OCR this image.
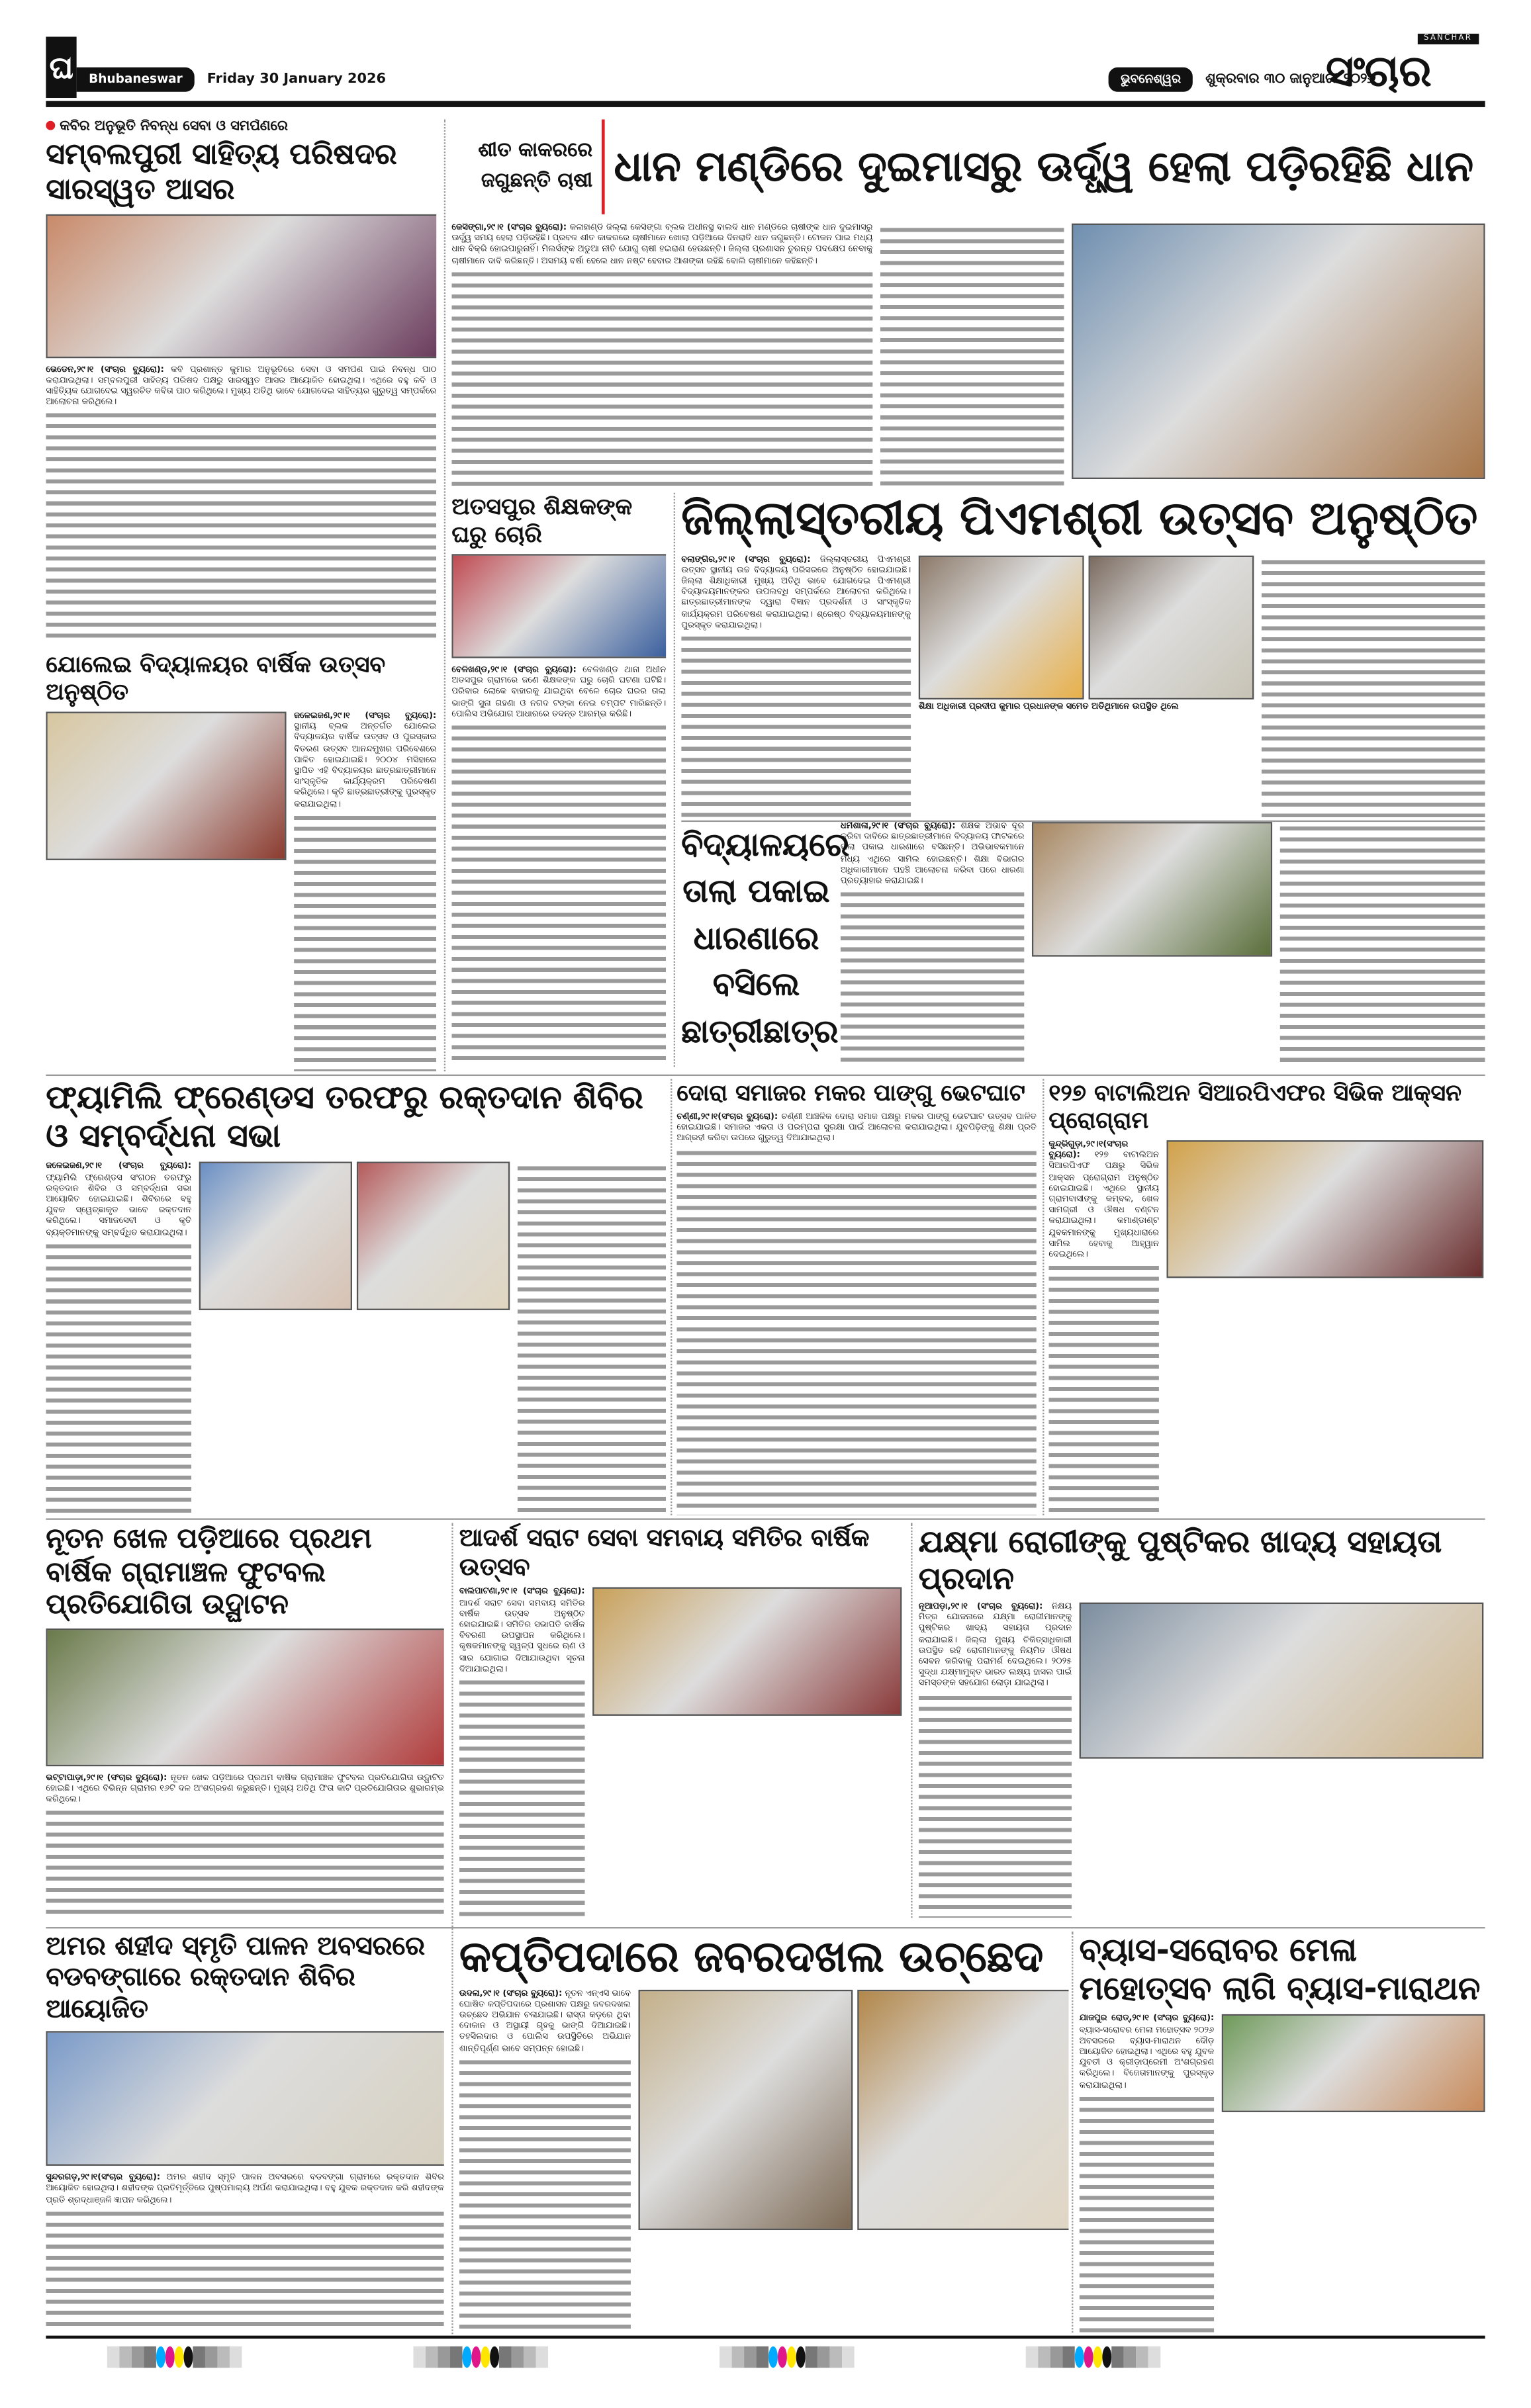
ଘ	Bhubaneswar	Friday 30 January 2026	ଭୁବନେଶ୍ୱର	ଶୁକ୍ରବାର ୩୦ ଜାନୁଆରୀ ୨୦୨୬
SANCHAR
ସଂଚାର
କବିର ଅନୁଭୂତି ନିବନ୍ଧ ସେବା ଓ ସମର୍ପଣରେ
ସମ୍ବଲପୁରୀ ସାହିତ୍ୟ ପରିଷଦର ସାରସ୍ୱତ ଆସର

ଭେଡେନ,୨୯।୧ (ସଂଚାର ବ୍ୟୁରୋ): କବି ପ୍ରଶାନ୍ତ କୁମାର ଅନୁଭୂତିରେ ସେବା ଓ ସମର୍ପଣ ପାଇଁ ନିବନ୍ଧ ପାଠ କରାଯାଇଥିଲା। ସମ୍ବଲପୁରୀ ସାହିତ୍ୟ ପରିଷଦ ପକ୍ଷରୁ ସାରସ୍ୱତ ଆସର ଆୟୋଜିତ ହୋଇଥିଲା। ଏଥିରେ ବହୁ କବି ଓ ସାହିତ୍ୟିକ ଯୋଗଦେଇ ସ୍ୱରଚିତ କବିତା ପାଠ କରିଥିଲେ। ମୁଖ୍ୟ ଅତିଥି ଭାବେ ଯୋଗଦେଇ ସାହିତ୍ୟର ଗୁରୁତ୍ୱ ସମ୍ପର୍କରେ ଆଲୋଚନା କରିଥିଲେ।

ଯୋଲେଇ ବିଦ୍ୟାଳୟର ବାର୍ଷିକ ଉତ୍ସବ ଅନୁଷ୍ଠିତ

ଜଳେଇଜଣ,୨୯।୧ (ସଂଚାର ବ୍ୟୁରୋ): ସ୍ଥାନୀୟ ବ୍ଲକ ଅନ୍ତର୍ଗତ ଯୋଲେଇ ବିଦ୍ୟାଳୟର ବାର୍ଷିକ ଉତ୍ସବ ଓ ପୁରସ୍କାର ବିତରଣ ଉତ୍ସବ ଆନନ୍ଦମୁଖର ପରିବେଶରେ ପାଳିତ ହୋଇଯାଇଛି। ୨୦୦୪ ମସିହାରେ ସ୍ଥାପିତ ଏହି ବିଦ୍ୟାଳୟର ଛାତ୍ରଛାତ୍ରୀମାନେ ସାଂସ୍କୃତିକ କାର୍ଯ୍ୟକ୍ରମ ପରିବେଷଣ କରିଥିଲେ। କୃତି ଛାତ୍ରଛାତ୍ରୀଙ୍କୁ ପୁରସ୍କୃତ କରାଯାଇଥିଲା।

ଶୀତ କାକରରେ ଜଗୁଛନ୍ତି ଚାଷୀ ଧାନ ମଣ୍ଡିରେ ଦୁଇମାସରୁ ଊର୍ଦ୍ଧ୍ୱ ହେଲା ପଡ଼ିରହିଛି ଧାନ

କେସିଙ୍ଗା,୨୯।୧ (ସଂଚାର ବ୍ୟୁରୋ): କଳାହାଣ୍ଡି ଜିଲ୍ଲା କେସିଙ୍ଗା ବ୍ଲକ ଅଧୀନସ୍ଥ ବାଲଦି ଧାନ ମଣ୍ଡିରେ ଚାଷୀଙ୍କ ଧାନ ଦୁଇମାସରୁ ଊର୍ଦ୍ଧ୍ୱ ସମୟ ହେଲା ପଡ଼ିରହିଛି। ପ୍ରବଳ ଶୀତ କାକରରେ ଚାଷୀମାନେ ଖୋଲା ପଡ଼ିଆରେ ଦିନରାତି ଧାନ ଜଗୁଛନ୍ତି। ଟୋକନ ପାଇ ମଧ୍ୟ ଧାନ ବିକ୍ରି ହୋଇପାରୁନାହିଁ। ମିଲର୍ସଙ୍କ ଅଡୁଆ ନୀତି ଯୋଗୁ ଚାଷୀ ହଇରାଣ ହେଉଛନ୍ତି। ଜିଲ୍ଲା ପ୍ରଶାସନ ତୁରନ୍ତ ପଦକ୍ଷେପ ନେବାକୁ ଚାଷୀମାନେ ଦାବି କରିଛନ୍ତି। ଅସମୟ ବର୍ଷା ହେଲେ ଧାନ ନଷ୍ଟ ହେବାର ଆଶଙ୍କା ରହିଛି ବୋଲି ଚାଷୀମାନେ କହିଛନ୍ତି।

ଅତସପୁର ଶିକ୍ଷକଙ୍କ ଘରୁ ଚୋରି

ବେଳିଖଣ୍ଡ,୨୯।୧ (ସଂଚାର ବ୍ୟୁରୋ): ବେଳିଖଣ୍ଡ ଥାନା ଅଧୀନ ଅତସପୁର ଗ୍ରାମରେ ଜଣେ ଶିକ୍ଷକଙ୍କ ଘରୁ ଚୋରି ଘଟଣା ଘଟିଛି। ପରିବାର ଲୋକେ ବାହାରକୁ ଯାଇଥିବା ବେଳେ ଚୋର ଘରର ତାଲା ଭାଙ୍ଗି ସୁନା ଗହଣା ଓ ନଗଦ ଟଙ୍କା ନେଇ ଚମ୍ପଟ ମାରିଛନ୍ତି। ପୋଲିସ ଅଭିଯୋଗ ଆଧାରରେ ତଦନ୍ତ ଆରମ୍ଭ କରିଛି।

ଜିଲ୍ଲାସ୍ତରୀୟ ପିଏମଶ୍ରୀ ଉତ୍ସବ ଅନୁଷ୍ଠିତ

ବଲାଙ୍ଗିର,୨୯।୧ (ସଂଚାର ବ୍ୟୁରୋ):	ଜିଲ୍ଲାସ୍ତରୀୟ ପିଏମଶ୍ରୀ ଉତ୍ସବ ସ୍ଥାନୀୟ ଉଚ୍ଚ ବିଦ୍ୟାଳୟ ପରିସରରେ ଅନୁଷ୍ଠିତ ହୋଇଯାଇଛି। ଜିଲ୍ଲା ଶିକ୍ଷାଧିକାରୀ ମୁଖ୍ୟ ଅତିଥି ଭାବେ ଯୋଗଦେଇ ପିଏମଶ୍ରୀ ବିଦ୍ୟାଳୟମାନଙ୍କର ଉପଲବ୍ଧି ସମ୍ପର୍କରେ ଆଲୋଚନା କରିଥିଲେ। ଛାତ୍ରଛାତ୍ରୀମାନଙ୍କ ଦ୍ୱାରା ବିଜ୍ଞାନ ପ୍ରଦର୍ଶନୀ ଓ ସାଂସ୍କୃତିକ କାର୍ଯ୍ୟକ୍ରମ ପରିବେଷଣ କରାଯାଇଥିଲା। ଶ୍ରେଷ୍ଠ ବିଦ୍ୟାଳୟମାନଙ୍କୁ ପୁରସ୍କୃତ କରାଯାଇଥିଲା।

ଶିକ୍ଷା ଅଧିକାରୀ ପ୍ରଦୀପ କୁମାର ପ୍ରଧାନଙ୍କ ସମେତ ଅତିଥିମାନେ ଉପସ୍ଥିତ ଥିଲେ
ବିଦ୍ୟାଳୟରେ ତାଲା ପକାଇ ଧାରଣାରେ ବସିଲେ ଛାତ୍ରୀଛାତ୍ର

ଧର୍ମଶାଳା,୨୯।୧ (ସଂଚାର ବ୍ୟୁରୋ): ଶିକ୍ଷକ ଅଭାବ ଦୂର କରିବା ଦାବିରେ ଛାତ୍ରଛାତ୍ରୀମାନେ ବିଦ୍ୟାଳୟ ଫାଟକରେ ତାଲା ପକାଇ ଧାରଣାରେ ବସିଛନ୍ତି। ଅଭିଭାବକମାନେ ମଧ୍ୟ ଏଥିରେ ସାମିଲ ହୋଇଛନ୍ତି। ଶିକ୍ଷା ବିଭାଗର ଅଧିକାରୀମାନେ ପହଞ୍ଚି ଆଲୋଚନା କରିବା ପରେ ଧାରଣା ପ୍ରତ୍ୟାହାର କରାଯାଇଛି।

ଫ୍ୟାମିଲି ଫ୍ରେଣ୍ଡସ ତରଫରୁ ରକ୍ତଦାନ ଶିବିର ଓ ସମ୍ବର୍ଦ୍ଧନା ସଭା

ଜଳେଇଜଣ,୨୯।୧ (ସଂଚାର ବ୍ୟୁରୋ): ଫ୍ୟାମିଲି ଫ୍ରେଣ୍ଡସ ସଂଗଠନ ତରଫରୁ ରକ୍ତଦାନ ଶିବିର ଓ ସମ୍ବର୍ଦ୍ଧନା ସଭା ଆୟୋଜିତ ହୋଇଯାଇଛି। ଶିବିରରେ ବହୁ ଯୁବକ ସ୍ୱେଚ୍ଛାକୃତ ଭାବେ ରକ୍ତଦାନ କରିଥିଲେ। ସମାଜସେବୀ ଓ କୃତି ବ୍ୟକ୍ତିମାନଙ୍କୁ ସମ୍ବର୍ଦ୍ଧିତ କରାଯାଇଥିଲା।

ଦୋରା ସମାଜର ମକର ପାଙ୍ଗୁ ଭେଟଘାଟ

ଚର୍ଣ୍ଣୀ,୨୯।୧(ସଂଚାର ବ୍ୟୁରୋ): ଚର୍ଣ୍ଣୀ ଆଞ୍ଚଳିକ ଦୋରା ସମାଜ ପକ୍ଷରୁ ମକର ପାଙ୍ଗୁ ଭେଟଘାଟ ଉତ୍ସବ ପାଳିତ ହୋଇଯାଇଛି। ସମାଜର ଏକତା ଓ ପରମ୍ପରା ସୁରକ୍ଷା ପାଇଁ ଆଲୋଚନା କରାଯାଇଥିଲା। ଯୁବପିଢ଼ିଙ୍କୁ ଶିକ୍ଷା ପ୍ରତି ଆଗ୍ରହୀ କରିବା ଉପରେ ଗୁରୁତ୍ୱ ଦିଆଯାଇଥିଲା।

୧୨୭ ବାଟାଲିଅନ ସିଆରପିଏଫର ସିଭିକ ଆକ୍ସନ ପ୍ରୋଗ୍ରାମ

କୁନ୍ଦ୍ରିଗୁଡ଼ା,୨୯।୧(ସଂଚାର ବ୍ୟୁରୋ):	୧୨୭ ବାଟାଲିଅନ ସିଆରପିଏଫ ପକ୍ଷରୁ ସିଭିକ ଆକ୍ସନ ପ୍ରୋଗ୍ରାମ ଅନୁଷ୍ଠିତ ହୋଇଯାଇଛି। ଏଥିରେ ସ୍ଥାନୀୟ ଗ୍ରାମବାସୀଙ୍କୁ କମ୍ବଳ, ଖେଳ ସାମଗ୍ରୀ ଓ ଔଷଧ ବଣ୍ଟନ କରାଯାଇଥିଲା। କମାଣ୍ଡାଣ୍ଟ ଯୁବକମାନଙ୍କୁ ମୁଖ୍ୟଧାରାରେ ସାମିଲ ହେବାକୁ ଆହ୍ୱାନ ଦେଇଥିଲେ।

ନୂତନ ଖେଳ ପଡ଼ିଆରେ ପ୍ରଥମ ବାର୍ଷିକ ଗ୍ରାମାଞ୍ଚଳ ଫୁଟବଲ ପ୍ରତିଯୋଗିତା ଉଦ୍ଘାଟନ

ଭଟ୍ଟାପାଡ଼ା,୨୯।୧ (ସଂଚାର ବ୍ୟୁରୋ): ନୂତନ ଖେଳ ପଡ଼ିଆରେ ପ୍ରଥମ ବାର୍ଷିକ ଗ୍ରାମାଞ୍ଚଳ ଫୁଟବଲ ପ୍ରତିଯୋଗିତା ଉଦ୍ଘାଟିତ ହୋଇଛି। ଏଥିରେ ବିଭିନ୍ନ ଗ୍ରାମର ୧୬ଟି ଦଳ ଅଂଶଗ୍ରହଣ କରୁଛନ୍ତି। ମୁଖ୍ୟ ଅତିଥି ଫିତା କାଟି ପ୍ରତିଯୋଗିତାର ଶୁଭାରମ୍ଭ କରିଥିଲେ।

ଆଦର୍ଶ ସରାଟ ସେବା ସମବାୟ ସମିତିର ବାର୍ଷିକ ଉତ୍ସବ

ବାଲିପାଟଣା,୨୯।୧ (ସଂଚାର ବ୍ୟୁରୋ): ଆଦର୍ଶ ସରାଟ ସେବା ସମବାୟ ସମିତିର ବାର୍ଷିକ ଉତ୍ସବ ଅନୁଷ୍ଠିତ ହୋଇଯାଇଛି। ସମିତିର ସଭାପତି ବାର୍ଷିକ ବିବରଣୀ ଉପସ୍ଥାପନ କରିଥିଲେ। କୃଷକମାନଙ୍କୁ ସ୍ୱଳ୍ପ ସୁଧରେ ଋଣ ଓ ସାର ଯୋଗାଇ ଦିଆଯାଉଥିବା ସୂଚନା ଦିଆଯାଇଥିଲା।

ଯକ୍ଷ୍ମା ରୋଗୀଙ୍କୁ ପୁଷ୍ଟିକର ଖାଦ୍ୟ ସହାୟତା ପ୍ରଦାନ

ନୂଆପଡ଼ା,୨୯।୧ (ସଂଚାର ବ୍ୟୁରୋ): ନିକ୍ଷୟ ମିତ୍ର ଯୋଜନାରେ ଯକ୍ଷ୍ମା ରୋଗୀମାନଙ୍କୁ ପୁଷ୍ଟିକର ଖାଦ୍ୟ ସହାୟତା ପ୍ରଦାନ କରାଯାଇଛି। ଜିଲ୍ଲା ମୁଖ୍ୟ ଚିକିତ୍ସାଧିକାରୀ ଉପସ୍ଥିତ ରହି ରୋଗୀମାନଙ୍କୁ ନିୟମିତ ଔଷଧ ସେବନ କରିବାକୁ ପରାମର୍ଶ ଦେଇଥିଲେ। ୨୦୨୫ ସୁଦ୍ଧା ଯକ୍ଷ୍ମାମୁକ୍ତ ଭାରତ ଲକ୍ଷ୍ୟ ହାସଲ ପାଇଁ ସମସ୍ତଙ୍କ ସହଯୋଗ ଲୋଡ଼ା ଯାଇଥିଲା।

ଅମର ଶହୀଦ ସ୍ମୃତି ପାଳନ ଅବସରରେ ବଡବଙ୍ଗାରେ ରକ୍ତଦାନ ଶିବିର ଆୟୋଜିତ

ସୁନ୍ଦରଗଡ଼,୨୯।୧(ସଂଚାର ବ୍ୟୁରୋ): ଅମର ଶହୀଦ ସ୍ମୃତି ପାଳନ ଅବସରରେ ବଡବଙ୍ଗା ଗ୍ରାମରେ ରକ୍ତଦାନ ଶିବିର ଆୟୋଜିତ ହୋଇଥିଲା। ଶହୀଦଙ୍କ ପ୍ରତିମୂର୍ତ୍ତିରେ ପୁଷ୍ପମାଲ୍ୟ ଅର୍ପଣ କରାଯାଇଥିଲା। ବହୁ ଯୁବକ ରକ୍ତଦାନ କରି ଶହୀଦଙ୍କ ପ୍ରତି ଶ୍ରଦ୍ଧାଞ୍ଜଳି ଜ୍ଞାପନ କରିଥିଲେ।

କପ୍ତିପଦାରେ ଜବରଦଖଲ ଉଚ୍ଛେଦ

ଉଦଳା,୨୯।୧ (ସଂଚାର ବ୍ୟୁରୋ): ନୂତନ ଏନ୍‌ଏସି ଭାବେ ଘୋଷିତ କପ୍ତିପଦାରେ ପ୍ରଶାସନ ପକ୍ଷରୁ ଜବରଦଖଲ ଉଚ୍ଛେଦ ଅଭିଯାନ ଚଳାଯାଇଛି। ରାସ୍ତା କଡ଼ରେ ଥିବା ଦୋକାନ ଓ ଅସ୍ଥାୟୀ ଗୃହକୁ ଭାଙ୍ଗି ଦିଆଯାଇଛି। ତହସିଲଦାର ଓ ପୋଲିସ ଉପସ୍ଥିତିରେ ଅଭିଯାନ ଶାନ୍ତିପୂର୍ଣ୍ଣ ଭାବେ ସମ୍ପନ୍ନ ହୋଇଛି।

ବ୍ୟାସ-ସରୋବର ମେଳା ମହୋତ୍ସବ ଲାଗି ବ୍ୟାସ-ମାରାଥନ

ଯାଜପୁର ରୋଡ୍,୨୯।୧ (ସଂଚାର ବ୍ୟୁରୋ): ବ୍ୟାସ-ସରୋବର ମେଳା ମହୋତ୍ସବ ୨୦୨୬ ଅବସରରେ ବ୍ୟାସ-ମାରାଥନ ଦୌଡ଼ ଆୟୋଜିତ ହୋଇଥିଲା। ଏଥିରେ ବହୁ ଯୁବକ ଯୁବତୀ ଓ କ୍ରୀଡ଼ାପ୍ରେମୀ ଅଂଶଗ୍ରହଣ କରିଥିଲେ। ବିଜେତାମାନଙ୍କୁ ପୁରସ୍କୃତ କରାଯାଇଥିଲା।
